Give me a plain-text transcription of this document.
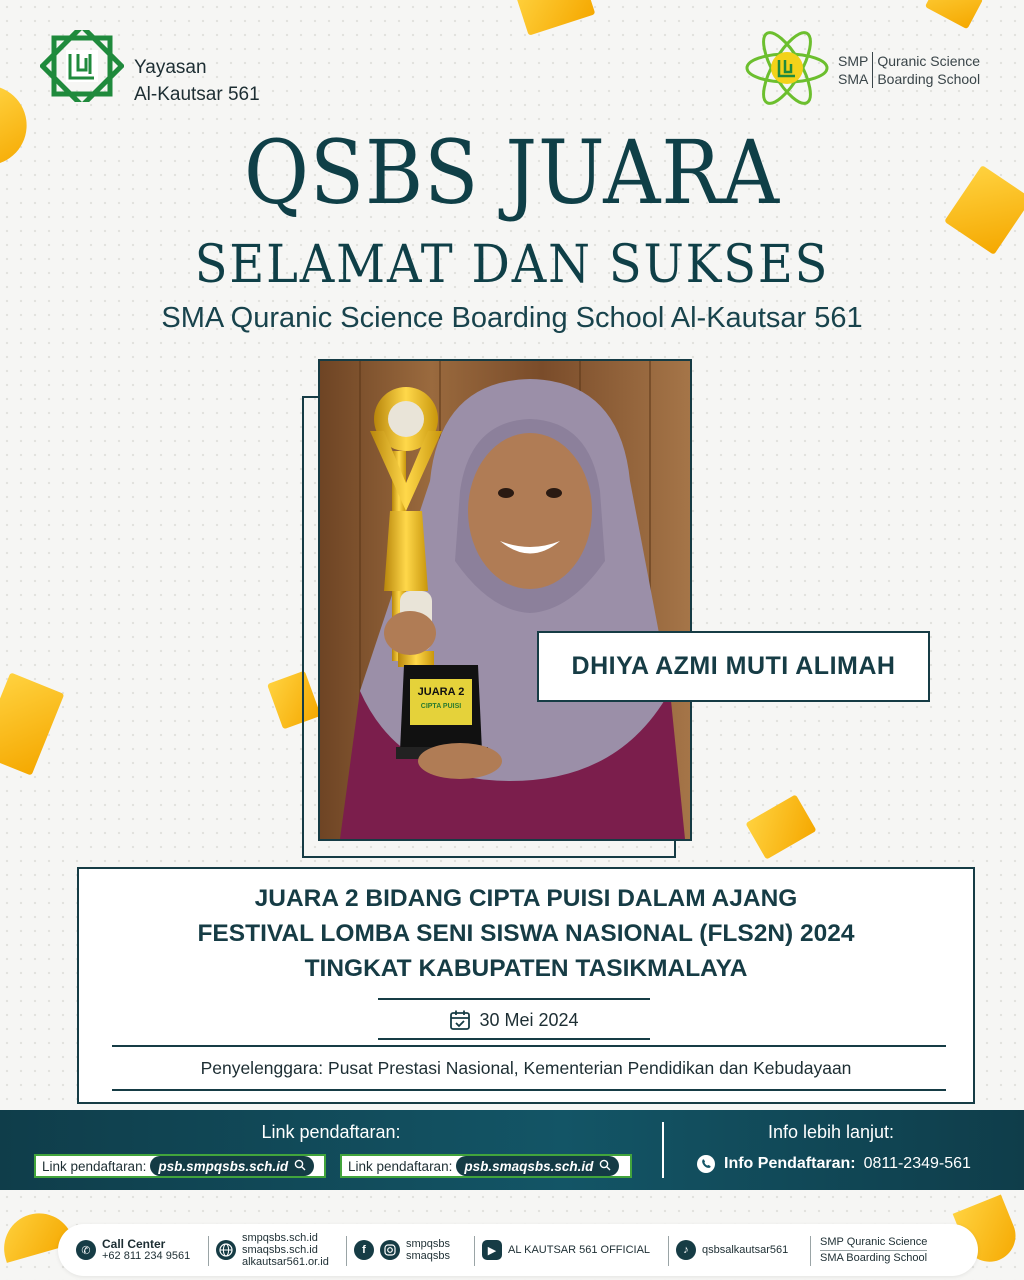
Yayasan
Al-Kautsar 561
SMP Quranic Science
SMA Boarding School
QSBS JUARA
SELAMAT DAN SUKSES
SMA Quranic Science Boarding School Al-Kautsar 561
JUARA 2
CIPTA PUISI
DHIYA AZMI MUTI ALIMAH
JUARA 2 BIDANG CIPTA PUISI DALAM AJANG
FESTIVAL LOMBA SENI SISWA NASIONAL (FLS2N) 2024
TINGKAT KABUPATEN TASIKMALAYA
30 Mei 2024
Penyelenggara: Pusat Prestasi Nasional, Kementerian Pendidikan dan Kebudayaan
Link pendaftaran:
Link pendaftaran: psb.smpqsbs.sch.id	Link pendaftaran: psb.smaqsbs.sch.id
Info lebih lanjut:
Info Pendaftaran: 0811-2349-561
✆ Call Center
+62 811 234 9561
smpqsbs.sch.id
smaqsbs.sch.id
alkautsar561.or.id
f	smpqsbs
smaqsbs	▶	AL KAUTSAR 561 OFFICIAL	♪	qsbsalkautsar561
SMP Quranic Science
SMA Boarding School
